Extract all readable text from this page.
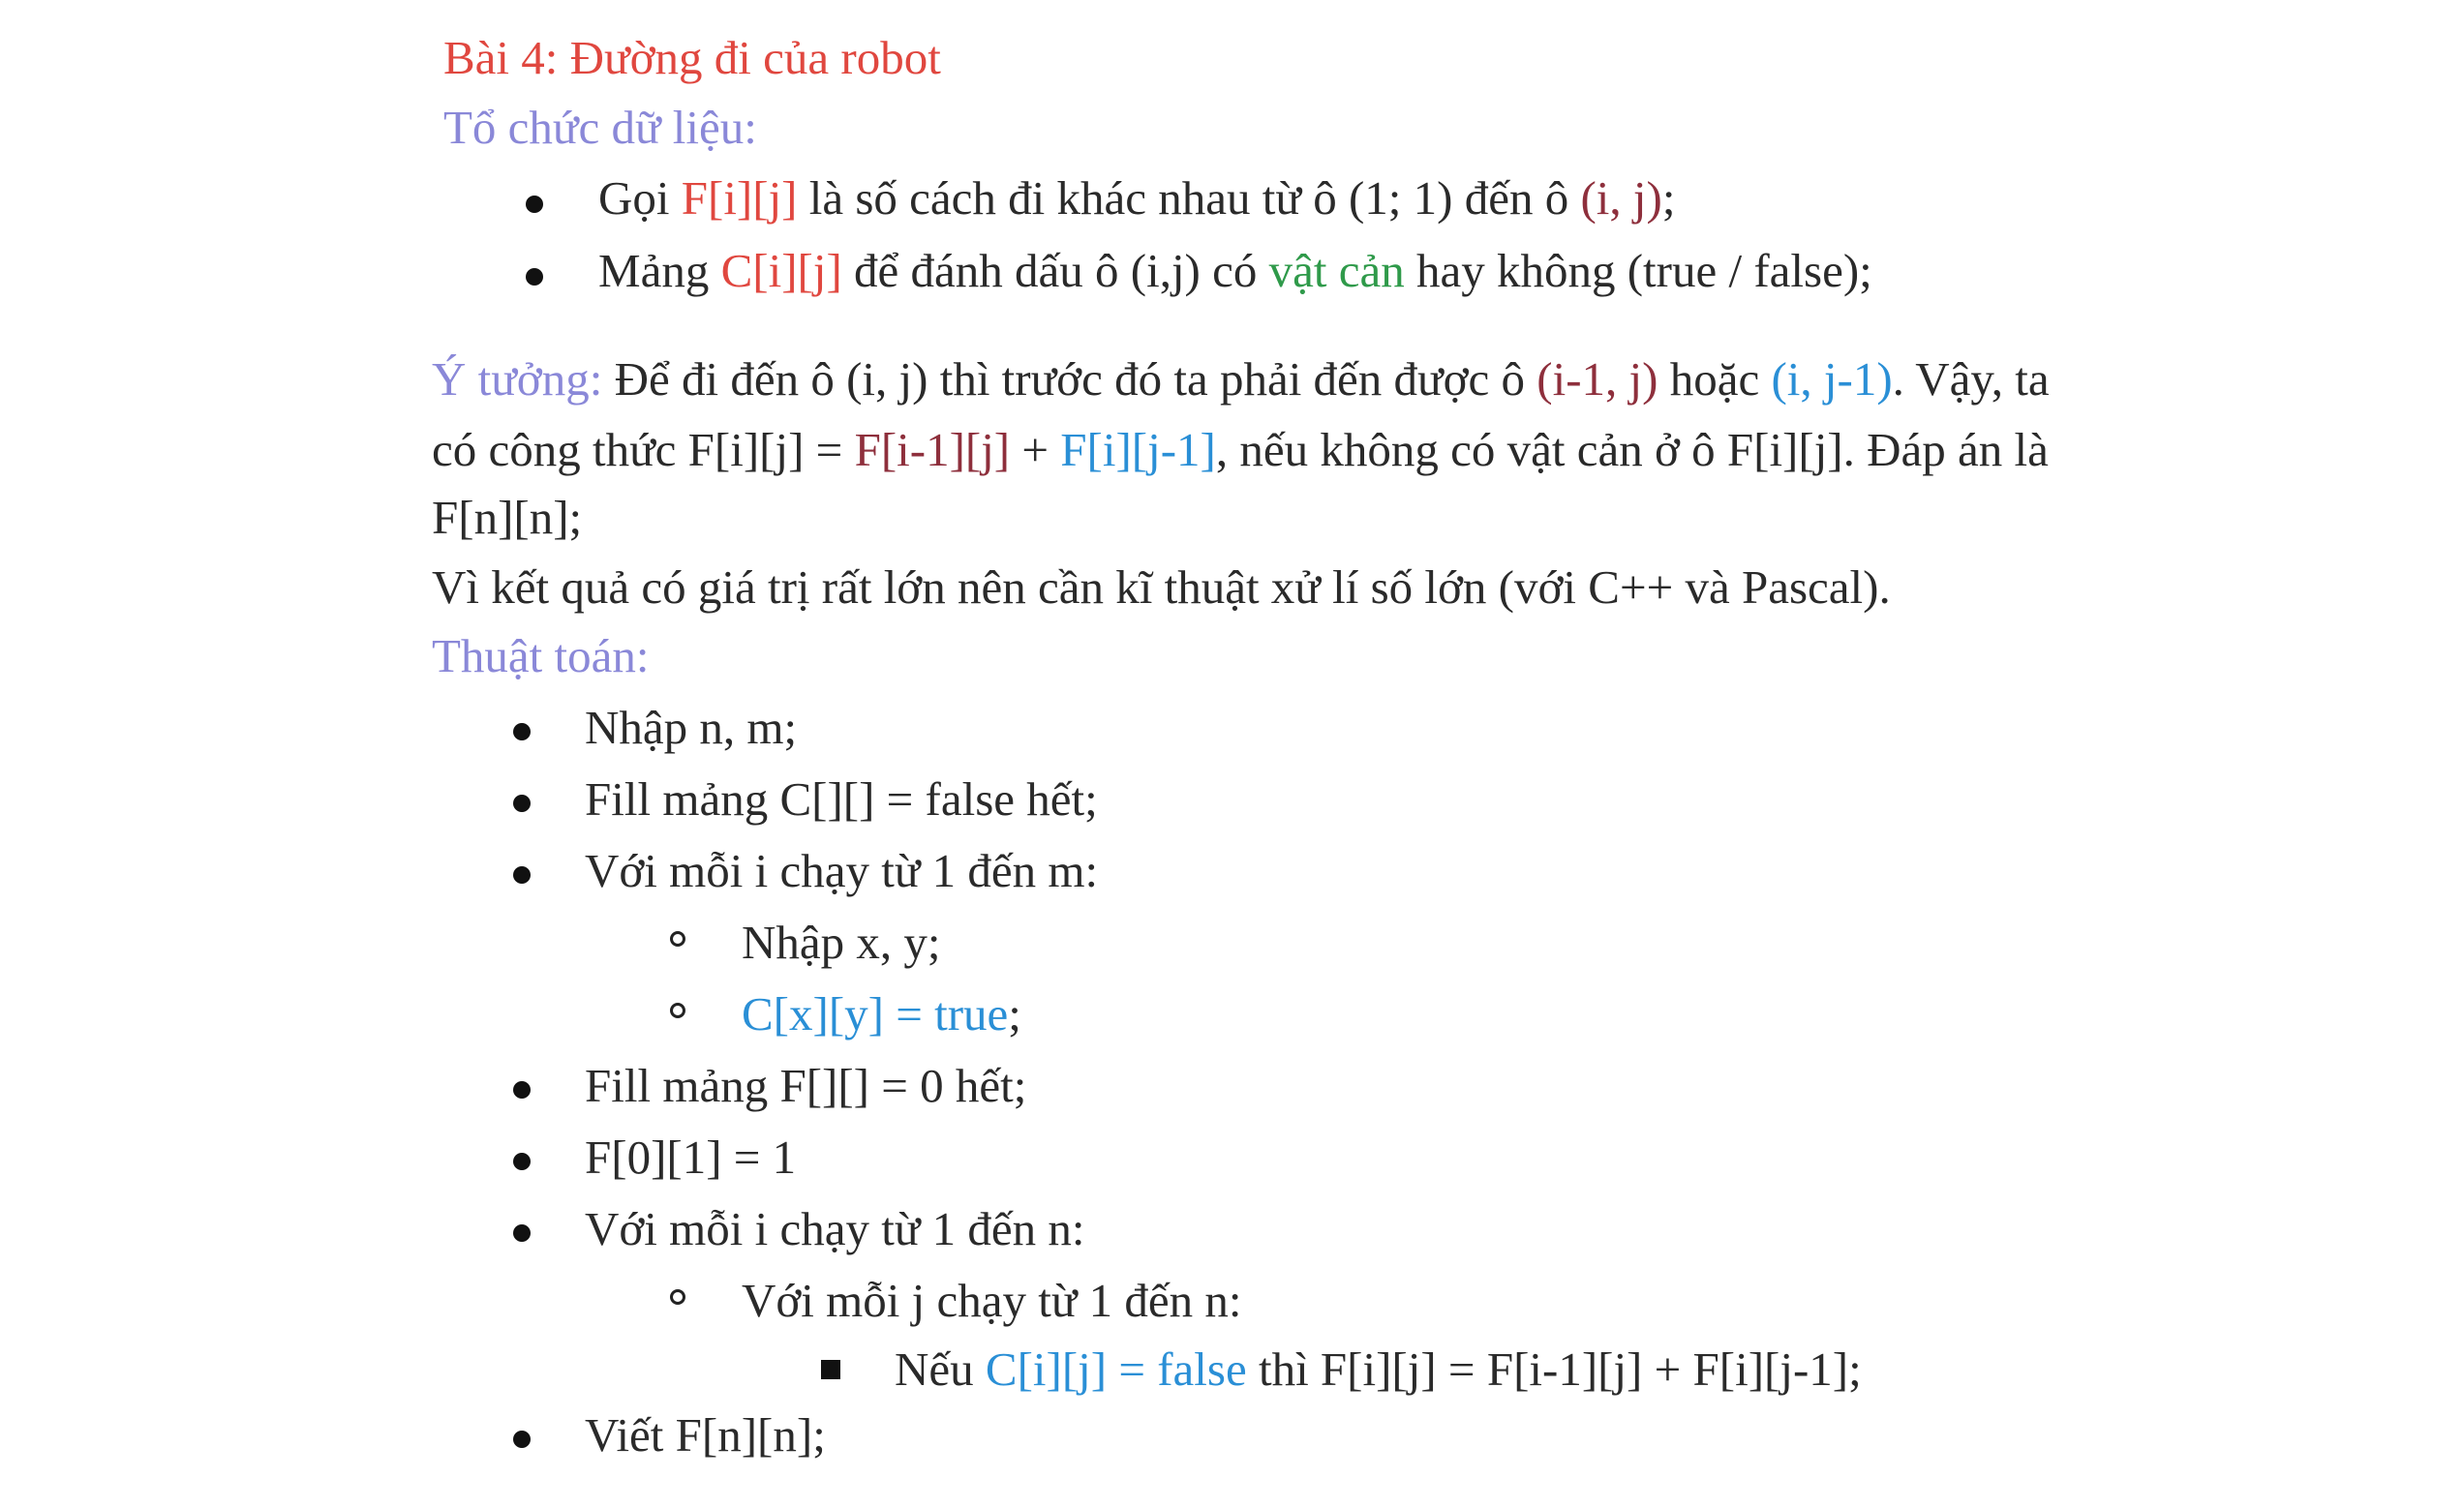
Bài 4: Đường đi của robot
Tổ chức dữ liệu:
Gọi F[i][j] là số cách đi khác nhau từ ô (1; 1) đến ô (i, j);
Mảng C[i][j] để đánh dấu ô (i,j) có vật cản hay không (true / false);
Ý tưởng: Để đi đến ô (i, j) thì trước đó ta phải đến được ô (i-1, j) hoặc (i, j-1). Vậy, ta
có công thức F[i][j] = F[i-1][j] + F[i][j-1], nếu không có vật cản ở ô F[i][j]. Đáp án là
F[n][n];
Vì kết quả có giá trị rất lớn nên cần kĩ thuật xử lí số lớn (với C++ và Pascal).
Thuật toán:
Nhập n, m;
Fill mảng C[][] = false hết;
Với mỗi i chạy từ 1 đến m:
Nhập x, y;
C[x][y] = true;
Fill mảng F[][] = 0 hết;
F[0][1] = 1
Với mỗi i chạy từ 1 đến n:
Với mỗi j chạy từ 1 đến n:
Nếu C[i][j] = false thì F[i][j] = F[i-1][j] + F[i][j-1];
Viết F[n][n];
